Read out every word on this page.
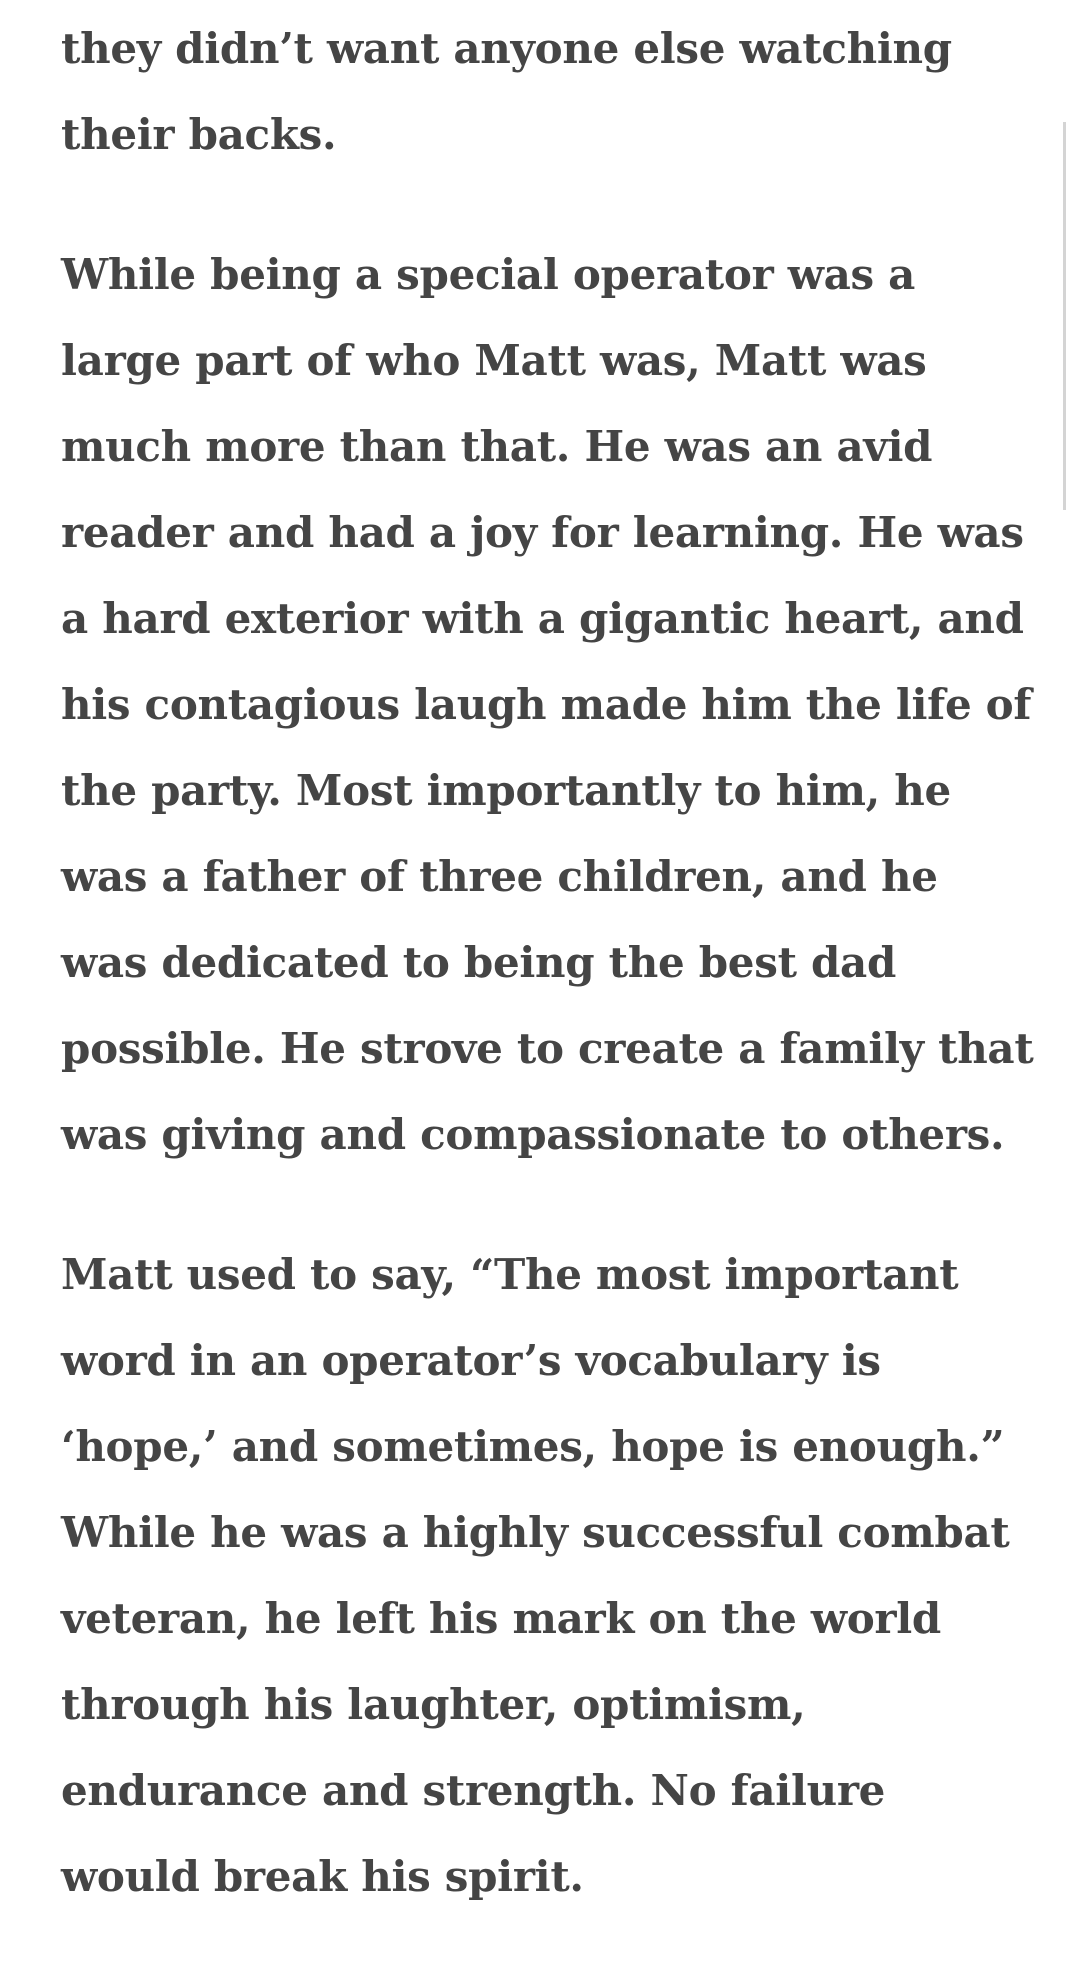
they didn’t want anyone else watching their backs.

While being a special operator was a large part of who Matt was, Matt was much more than that. He was an avid reader and had a joy for learning. He was a hard exterior with a gigantic heart, and his contagious laugh made him the life of the party. Most importantly to him, he was a father of three children, and he was dedicated to being the best dad possible. He strove to create a family that was giving and compassionate to others.

Matt used to say, “The most important word in an operator’s vocabulary is ‘hope,’ and sometimes, hope is enough.” While he was a highly successful combat veteran, he left his mark on the world through his laughter, optimism, endurance and strength. No failure would break his spirit.
